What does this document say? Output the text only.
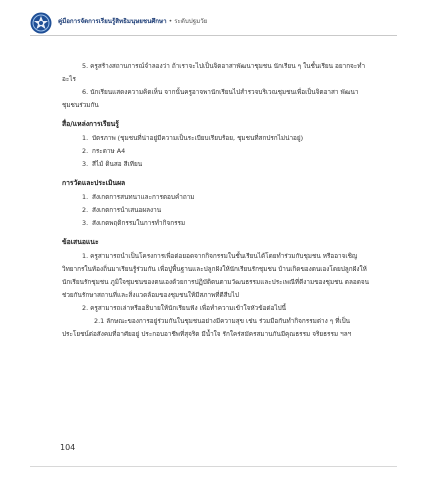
คู่มือการจัดการเรียนรู้สิทธิมนุษยชนศึกษา • ระดับปฐมวัย

5. ครูสร้างสถานการณ์จำลองว่า ถ้าเราจะไปเป็นจิตอาสาพัฒนาชุมชน นักเรียน ๆ ในชั้นเรียน อยากจะทำอะไร

6. นักเรียนแสดงความคิดเห็น จากนั้นครูอาจพานักเรียนไปสำรวจบริเวณชุมชนเพื่อเป็นจิตอาสา พัฒนาชุมชนร่วมกัน

สื่อ/แหล่งการเรียนรู้
1. บัตรภาพ (ชุมชนที่น่าอยู่มีความเป็นระเบียบเรียบร้อย, ชุมชนที่สกปรกไม่น่าอยู่)
2. กระดาษ A4
3. สีไม้ ดินสอ สีเทียน
การวัดและประเมินผล
1. สังเกตการสนทนาและการตอบคำถาม
2. สังเกตการนำเสนอผลงาน
3. สังเกตพฤติกรรมในการทำกิจกรรม
ข้อเสนอแนะ

1. ครูสามารถนำเป็นโครงการเพื่อต่อยอดจากกิจกรรมในชั้นเรียนได้โดยทำร่วมกับชุมชน หรืออาจเชิญวิทยากรในท้องถิ่นมาเรียนรู้ร่วมกัน เพื่อปูพื้นฐานและปลูกฝังให้นักเรียนรักชุมชน บ้านเกิดของตนเองโดยปลูกฝังให้นักเรียนรักชุมชน ภูมิใจชุมชนของตนเองด้วยการปฏิบัติตนตามวัฒนธรรมและประเพณีที่ดีงามของชุมชน ตลอดจนช่วยกันรักษาสถานที่และสิ่งแวดล้อมของชุมชนให้มีสภาพที่ดีสืบไป

2. ครูสามารถเล่าหรืออธิบายให้นักเรียนฟัง เพื่อทำความเข้าใจหัวข้อต่อไปนี้

2.1 ลักษณะของการอยู่ร่วมกันในชุมชนอย่างมีความสุข เช่น ร่วมมือกันทำกิจกรรมต่าง ๆ ที่เป็นประโยชน์ต่อสังคมที่อาศัยอยู่ ประกอบอาชีพที่สุจริต มีน้ำใจ รักใคร่สมัครสมานกันมีคุณธรรม จริยธรรม ฯลฯ

104
